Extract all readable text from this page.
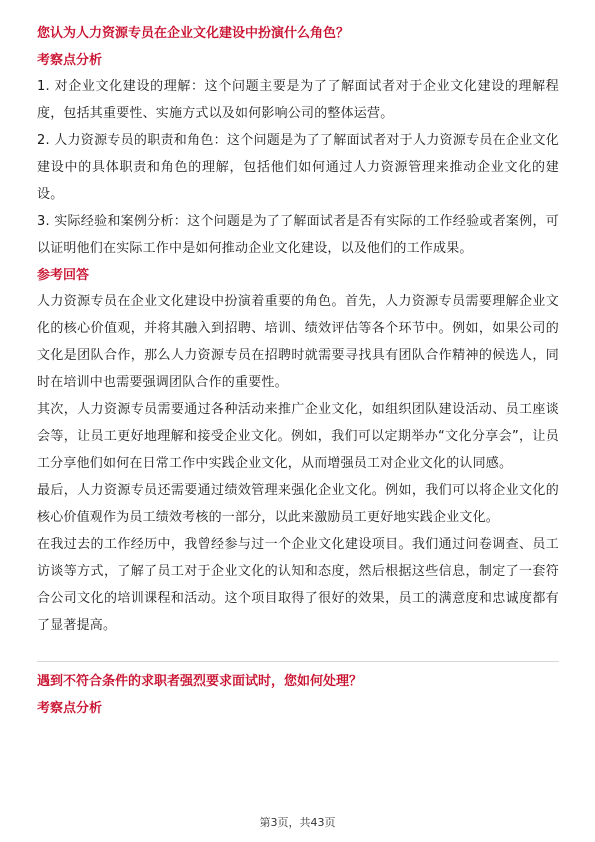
您认为人力资源专员在企业文化建设中扮演什么角色？
考察点分析

1. 对企业文化建设的理解：这个问题主要是为了了解面试者对于企业文化建设的理解程度，包括其重要性、实施方式以及如何影响公司的整体运营。

2. 人力资源专员的职责和角色：这个问题是为了了解面试者对于人力资源专员在企业文化建设中的具体职责和角色的理解，包括他们如何通过人力资源管理来推动企业文化的建设。

3. 实际经验和案例分析：这个问题是为了了解面试者是否有实际的工作经验或者案例，可以证明他们在实际工作中是如何推动企业文化建设，以及他们的工作成果。

参考回答

人力资源专员在企业文化建设中扮演着重要的角色。首先，人力资源专员需要理解企业文化的核心价值观，并将其融入到招聘、培训、绩效评估等各个环节中。例如，如果公司的文化是团队合作，那么人力资源专员在招聘时就需要寻找具有团队合作精神的候选人，同时在培训中也需要强调团队合作的重要性。

其次，人力资源专员需要通过各种活动来推广企业文化，如组织团队建设活动、员工座谈会等，让员工更好地理解和接受企业文化。例如，我们可以定期举办“文化分享会”，让员工分享他们如何在日常工作中实践企业文化，从而增强员工对企业文化的认同感。

最后，人力资源专员还需要通过绩效管理来强化企业文化。例如，我们可以将企业文化的核心价值观作为员工绩效考核的一部分，以此来激励员工更好地实践企业文化。

在我过去的工作经历中，我曾经参与过一个企业文化建设项目。我们通过问卷调查、员工访谈等方式，了解了员工对于企业文化的认知和态度，然后根据这些信息，制定了一套符合公司文化的培训课程和活动。这个项目取得了很好的效果，员工的满意度和忠诚度都有了显著提高。

遇到不符合条件的求职者强烈要求面试时，您如何处理？
考察点分析
第3页，共43页
